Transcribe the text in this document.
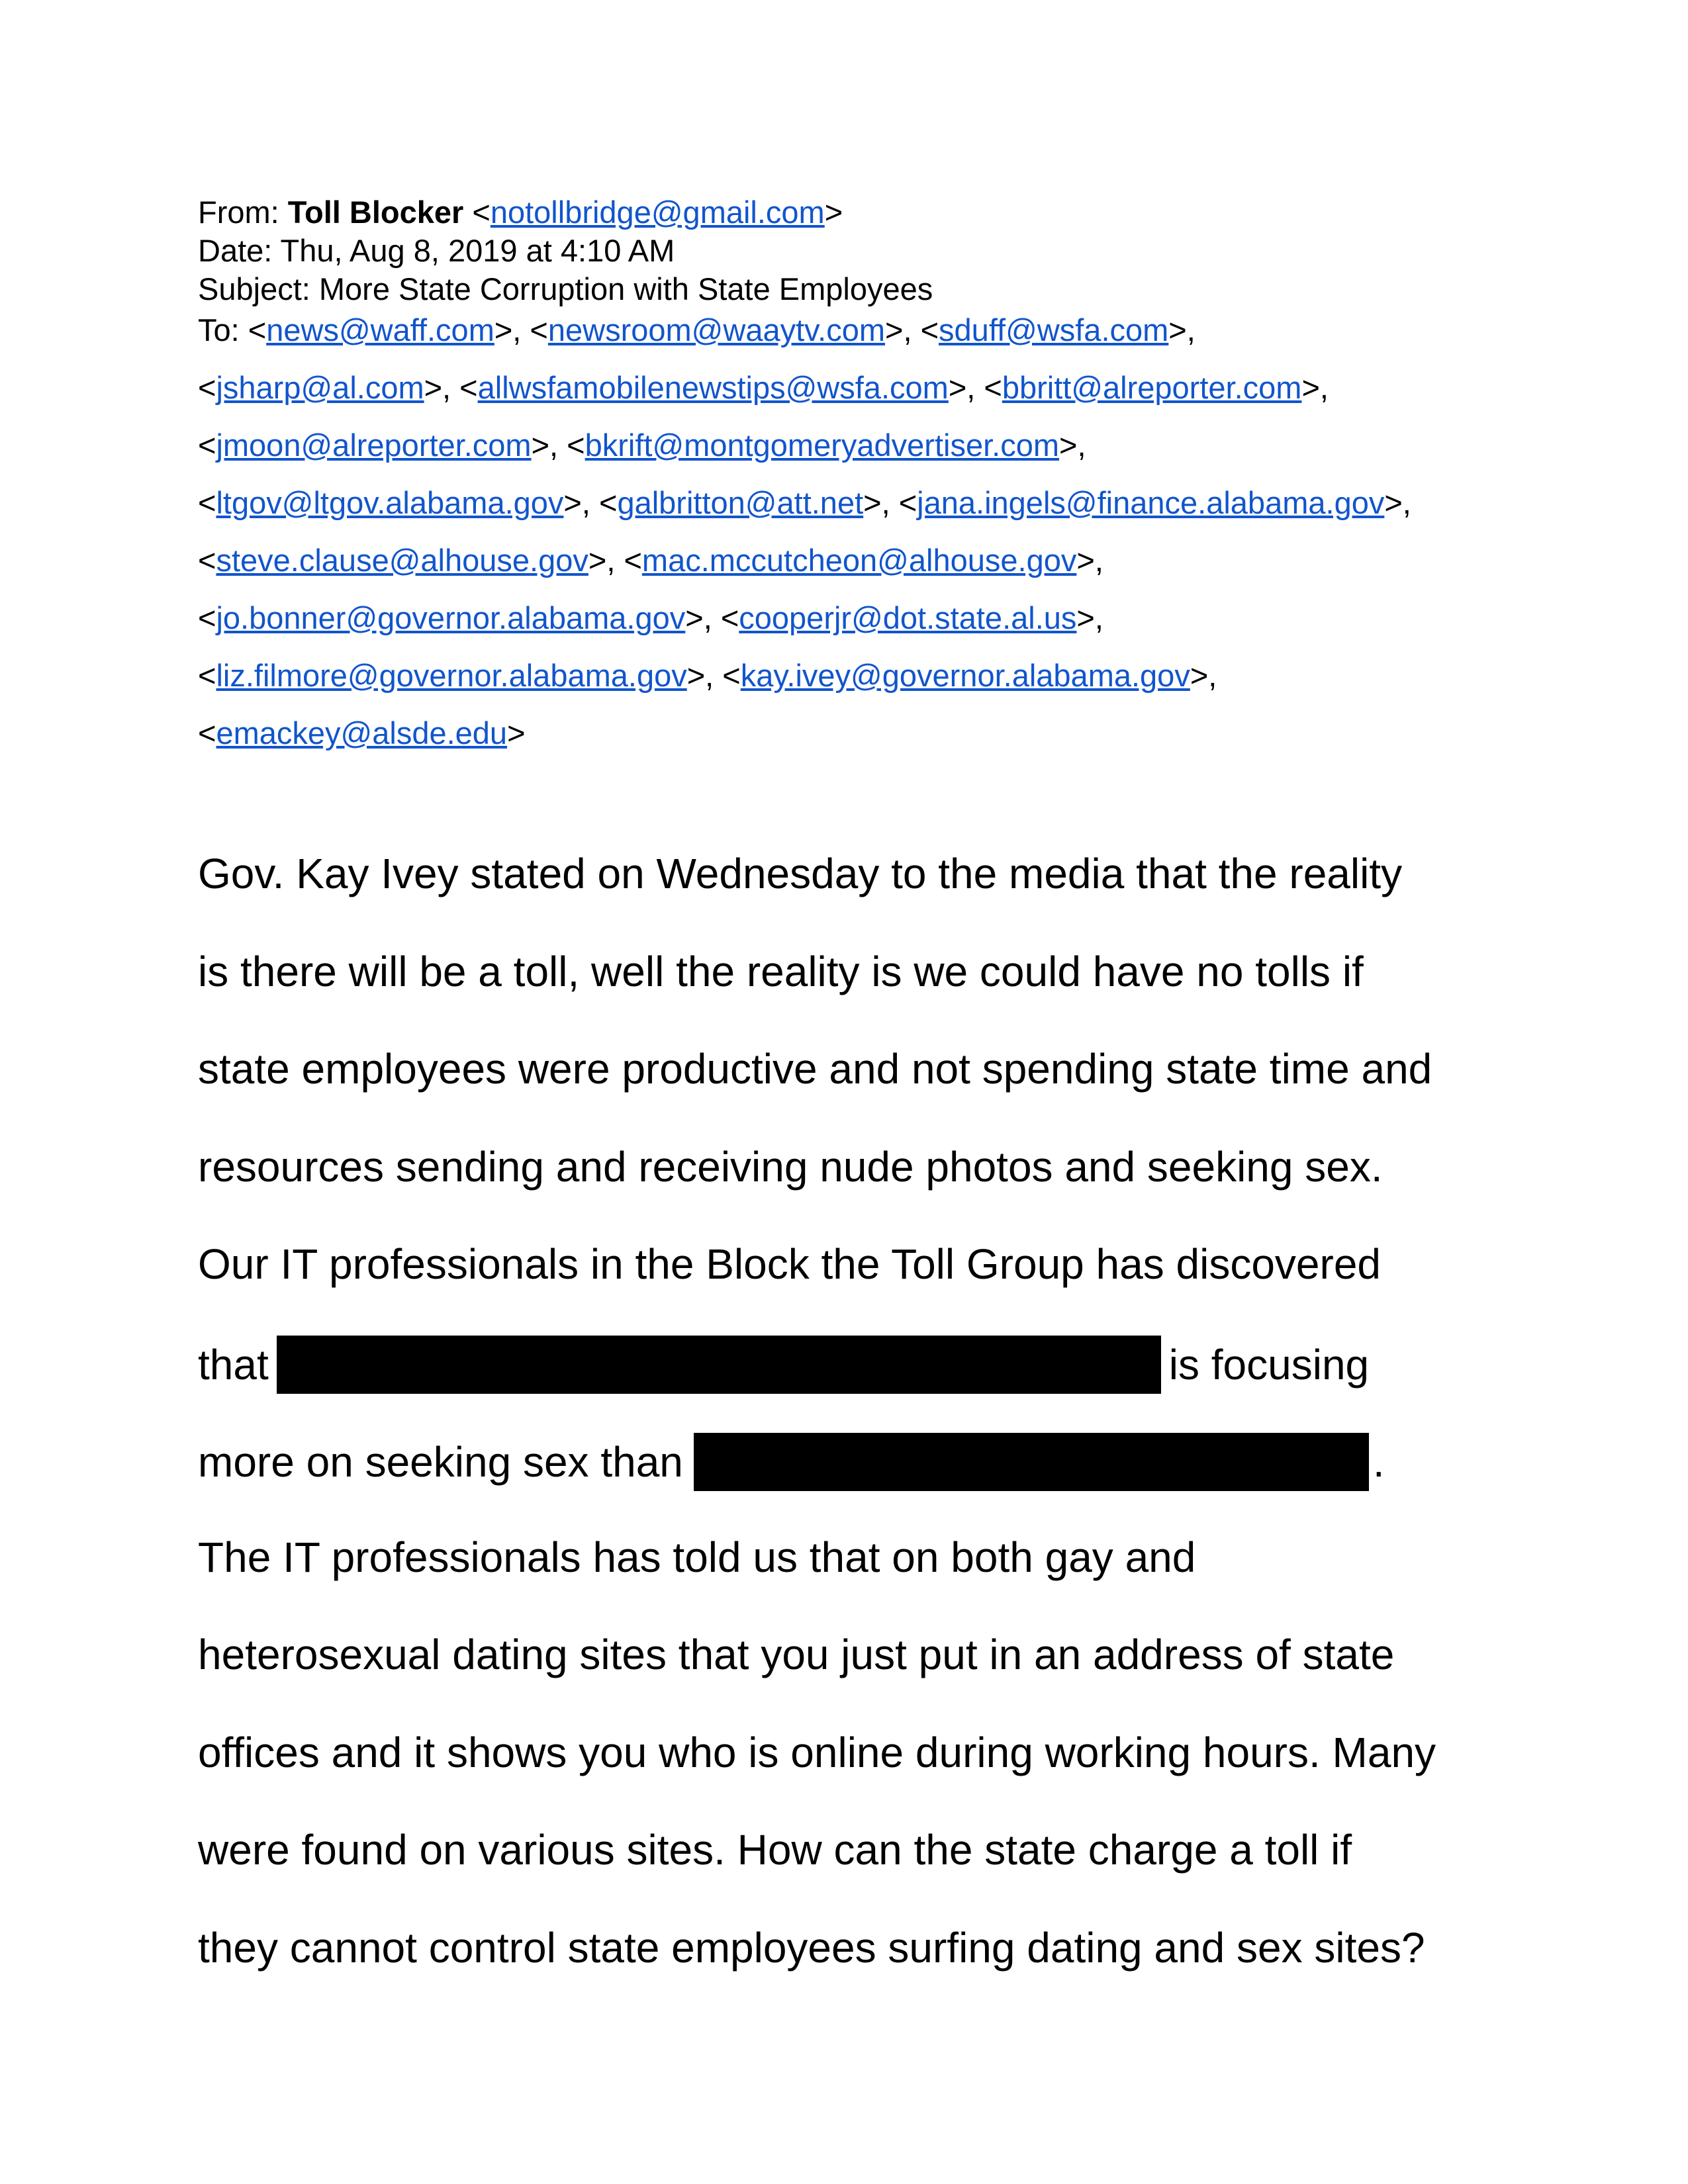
From: Toll Blocker <notollbridge@gmail.com>
Date: Thu, Aug 8, 2019 at 4:10 AM
Subject: More State Corruption with State Employees
To: <news@waff.com>, <newsroom@waaytv.com>, <sduff@wsfa.com>,
<jsharp@al.com>, <allwsfamobilenewstips@wsfa.com>, <bbritt@alreporter.com>,
<jmoon@alreporter.com>, <bkrift@montgomeryadvertiser.com>,
<ltgov@ltgov.alabama.gov>, <galbritton@att.net>, <jana.ingels@finance.alabama.gov>,
<steve.clause@alhouse.gov>, <mac.mccutcheon@alhouse.gov>,
<jo.bonner@governor.alabama.gov>, <cooperjr@dot.state.al.us>,
<liz.filmore@governor.alabama.gov>, <kay.ivey@governor.alabama.gov>,
<emackey@alsde.edu>
Gov. Kay Ivey stated on Wednesday to the media that the reality
is there will be a toll, well the reality is we could have no tolls if
state employees were productive and not spending state time and
resources sending and receiving nude photos and seeking sex.
Our IT professionals in the Block the Toll Group has discovered
that	is focusing
more on seeking sex than	.
The IT professionals has told us that on both gay and
heterosexual dating sites that you just put in an address of state
offices and it shows you who is online during working hours. Many
were found on various sites. How can the state charge a toll if
they cannot control state employees surfing dating and sex sites?
